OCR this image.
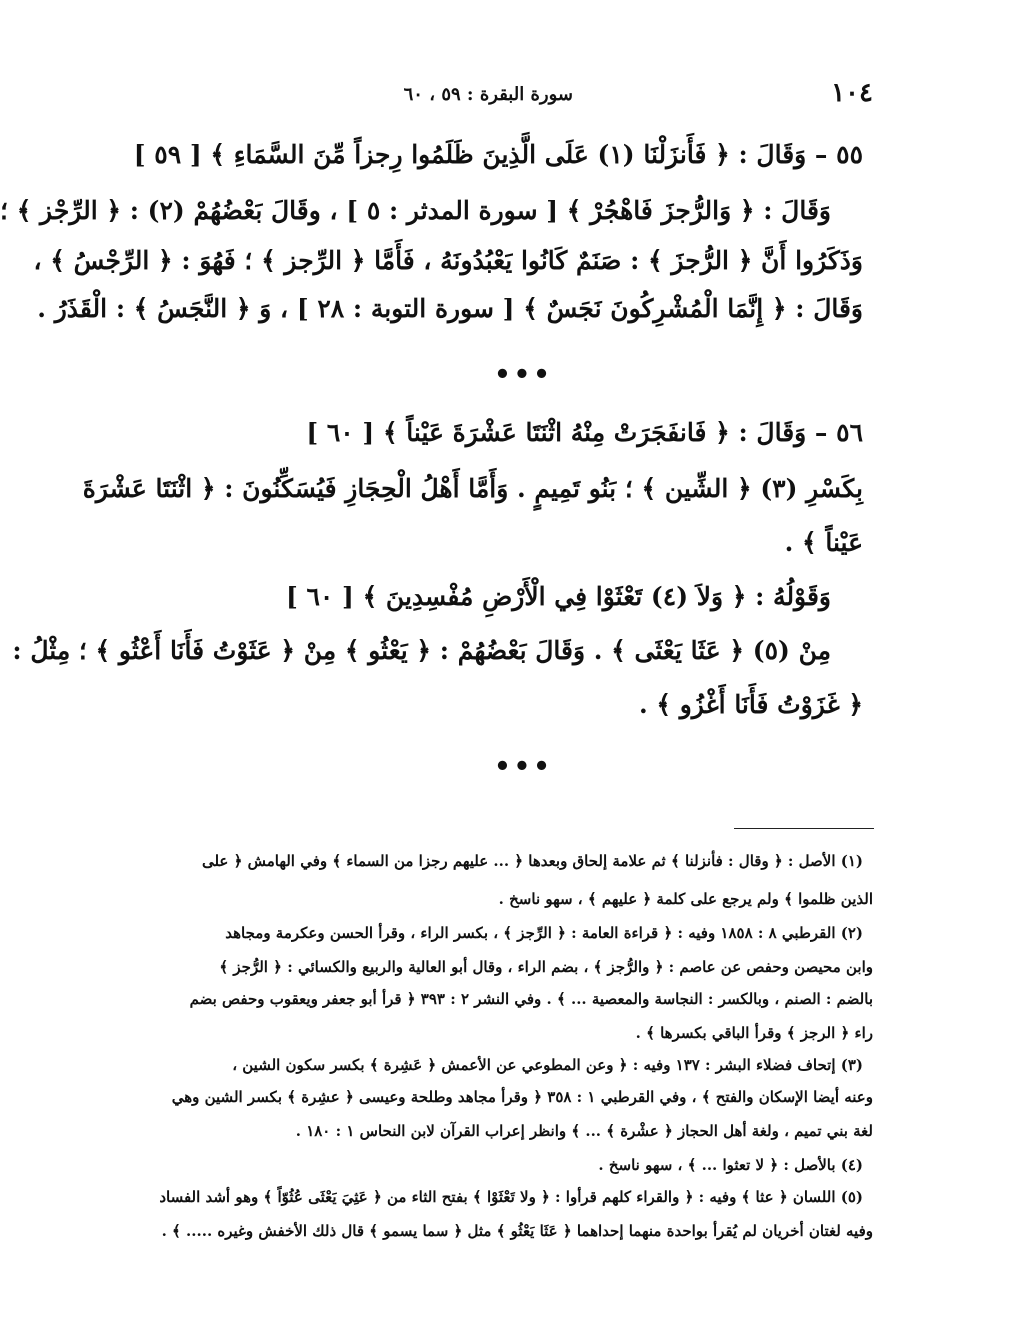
١٠٤
سورة البقرة : ٥٩ ، ٦٠
٥٥ – وَقَالَ : ﴿ فَأَنزَلْنَا (١) عَلَى الَّذِينَ ظَلَمُوا رِجزاً مِّنَ السَّمَاءِ ﴾ [ ٥٩ ]
وَقَالَ : ﴿ وَالرُّجزَ فَاهْجُرْ ﴾ [ سورة المدثر : ٥ ] ، وقَالَ بَعْضُهُمْ (٢) : ﴿ الرِّجْز ﴾ ؛
وَذَكَرُوا أَنَّ ﴿ الرُّجزَ ﴾ : صَنَمٌ كَانُوا يَعْبُدُونَهُ ، فَأَمَّا ﴿ الرِّجز ﴾ ؛ فَهُوَ : ﴿ الرِّجْسُ ﴾ ،
وَقَالَ : ﴿ إِنَّمَا الْمُشْرِكُونَ نَجَسٌ ﴾ [ سورة التوبة : ٢٨ ] ، وَ ﴿ النَّجَسُ ﴾ : الْقَذَرُ .
•••
٥٦ – وَقَالَ : ﴿ فَانفَجَرَتْ مِنْهُ اثْنَتَا عَشْرَةَ عَيْناً ﴾ [ ٦٠ ]
بِكَسْرِ (٣) ﴿ الشِّين ﴾ ؛ بَنُو تَمِيمٍ . وَأَمَّا أَهْلُ الْحِجَازِ فَيُسَكِّنُونَ : ﴿ اثْنَتَا عَشْرَةَ
عَيْناً ﴾ .
وَقَوْلُهُ : ﴿ وَلاَ (٤) تَعْثَوْا فِي الْأَرْضِ مُفْسِدِينَ ﴾ [ ٦٠ ]
مِنْ (٥) ﴿ عَثَا يَعْثَى ﴾ . وَقَالَ بَعْضُهُمْ : ﴿ يَعْثُو ﴾ مِنْ ﴿ عَثَوْتُ فَأَنَا أَعْثُو ﴾ ؛ مِثْلُ :
﴿ غَزَوْتُ فَأَنَا أَغْزُو ﴾ .
•••
(١) الأصل : ﴿ وقال : فأنزلنا ﴾ ثم علامة إلحاق وبعدها ﴿ ... عليهم رجزا من السماء ﴾ وفي الهامش ﴿ على
الذين ظلموا ﴾ ولم يرجع على كلمة ﴿ عليهم ﴾ ، سهو ناسخ .
(٢) القرطبي ٨ : ١٨٥٨ وفيه : ﴿ قراءة العامة : ﴿ الرِّجز ﴾ ، بكسر الراء ، وقرأ الحسن وعكرمة ومجاهد
وابن محيصن وحفص عن عاصم : ﴿ والرُّجز ﴾ ، بضم الراء ، وقال أبو العالية والربيع والكسائي : ﴿ الرُّجز ﴾
بالضم : الصنم ، وبالكسر : النجاسة والمعصية ... ﴾ . وفي النشر ٢ : ٣٩٣ ﴿ قرأ أبو جعفر ويعقوب وحفص بضم
راء ﴿ الرجز ﴾ وقرأ الباقي بكسرها ﴾ .
(٣) إتحاف فضلاء البشر : ١٣٧ وفيه : ﴿ وعن المطوعي عن الأعمش ﴿ عَشِرة ﴾ بكسر سكون الشين ،
وعنه أيضا الإسكان والفتح ﴾ ، وفي القرطبي ١ : ٣٥٨ ﴿ وقرأ مجاهد وطلحة وعيسى ﴿ عشِرة ﴾ بكسر الشين وهي
لغة بني تميم ، ولغة أهل الحجاز ﴿ عشْرة ﴾ ... ﴾ وانظر إعراب القرآن لابن النحاس ١ : ١٨٠ .
(٤) بالأصل : ﴿ لا تعثوا ... ﴾ ، سهو ناسخ .
(٥) اللسان ﴿ عثا ﴾ وفيه : ﴿ والقراء كلهم قرأوا : ﴿ ولا تَعْثَوْا ﴾ بفتح الثاء من ﴿ عَثِيَ يَعْثَى عُثُوّاً ﴾ وهو أشد الفساد
وفيه لغتان أخريان لم يُقرأ بواحدة منهما إحداهما ﴿ عَثَا يَعْثُو ﴾ مثل ﴿ سما يسمو ﴾ قال ذلك الأخفش وغيره ..... ﴾ .
